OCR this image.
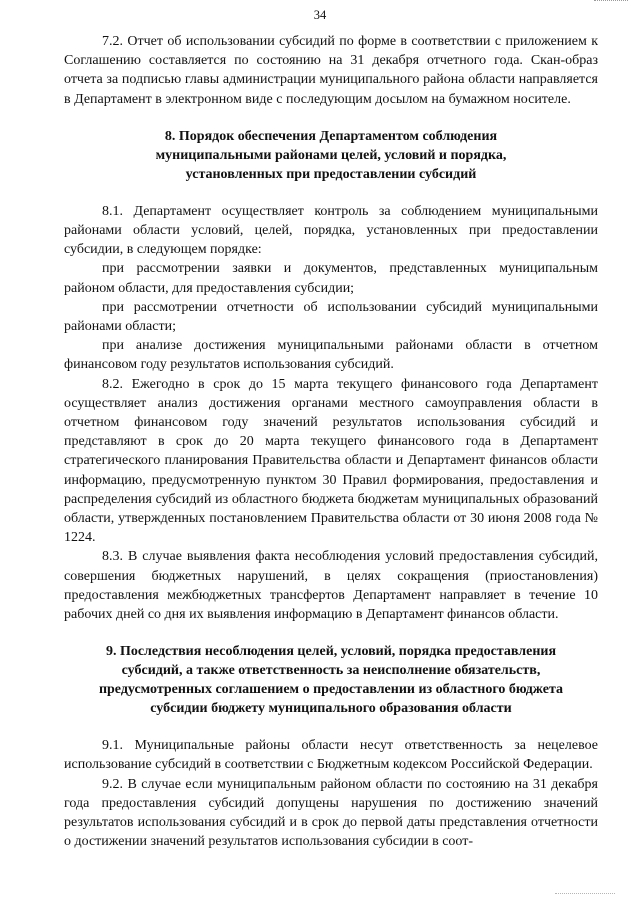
34

7.2. Отчет об использовании субсидий по форме в соответствии с приложением к Соглашению составляется по состоянию на 31 декабря отчетного года. Скан-образ отчета за подписью главы администрации муниципального района области направляется в Департамент в электронном виде с последующим досылом на бумажном носителе.

8. Порядок обеспечения Департаментом соблюдения
муниципальными районами целей, условий и порядка,
установленных при предоставлении субсидий

8.1. Департамент осуществляет контроль за соблюдением муниципальными районами области условий, целей, порядка, установленных при предоставлении субсидии, в следующем порядке:

при рассмотрении заявки и документов, представленных муниципальным районом области, для предоставления субсидии;

при рассмотрении отчетности об использовании субсидий муниципальными районами области;

при анализе достижения муниципальными районами области в отчетном финансовом году результатов использования субсидий.

8.2. Ежегодно в срок до 15 марта текущего финансового года Департамент осуществляет анализ достижения органами местного самоуправления области в отчетном финансовом году значений результатов использования субсидий и представляют в срок до 20 марта текущего финансового года в Департамент стратегического планирования Правительства области и Департамент финансов области информацию, предусмотренную пунктом 30 Правил формирования, предоставления и распределения субсидий из областного бюджета бюджетам муниципальных образований области, утвержденных постановлением Правительства области от 30 июня 2008 года № 1224.

8.3. В случае выявления факта несоблюдения условий предоставления субсидий, совершения бюджетных нарушений, в целях сокращения (приостановления) предоставления межбюджетных трансфертов Департамент направляет в течение 10 рабочих дней со дня их выявления информацию в Департамент финансов области.

9. Последствия несоблюдения целей, условий, порядка предоставления
субсидий, а также ответственность за неисполнение обязательств,
предусмотренных соглашением о предоставлении из областного бюджета
субсидии бюджету муниципального образования области

9.1. Муниципальные районы области несут ответственность за нецелевое использование субсидий в соответствии с Бюджетным кодексом Российской Федерации.

9.2. В случае если муниципальным районом области по состоянию на 31 декабря года предоставления субсидий допущены нарушения по достижению значений результатов использования субсидий и в срок до первой даты представления отчетности о достижении значений результатов использования субсидии в соот-
